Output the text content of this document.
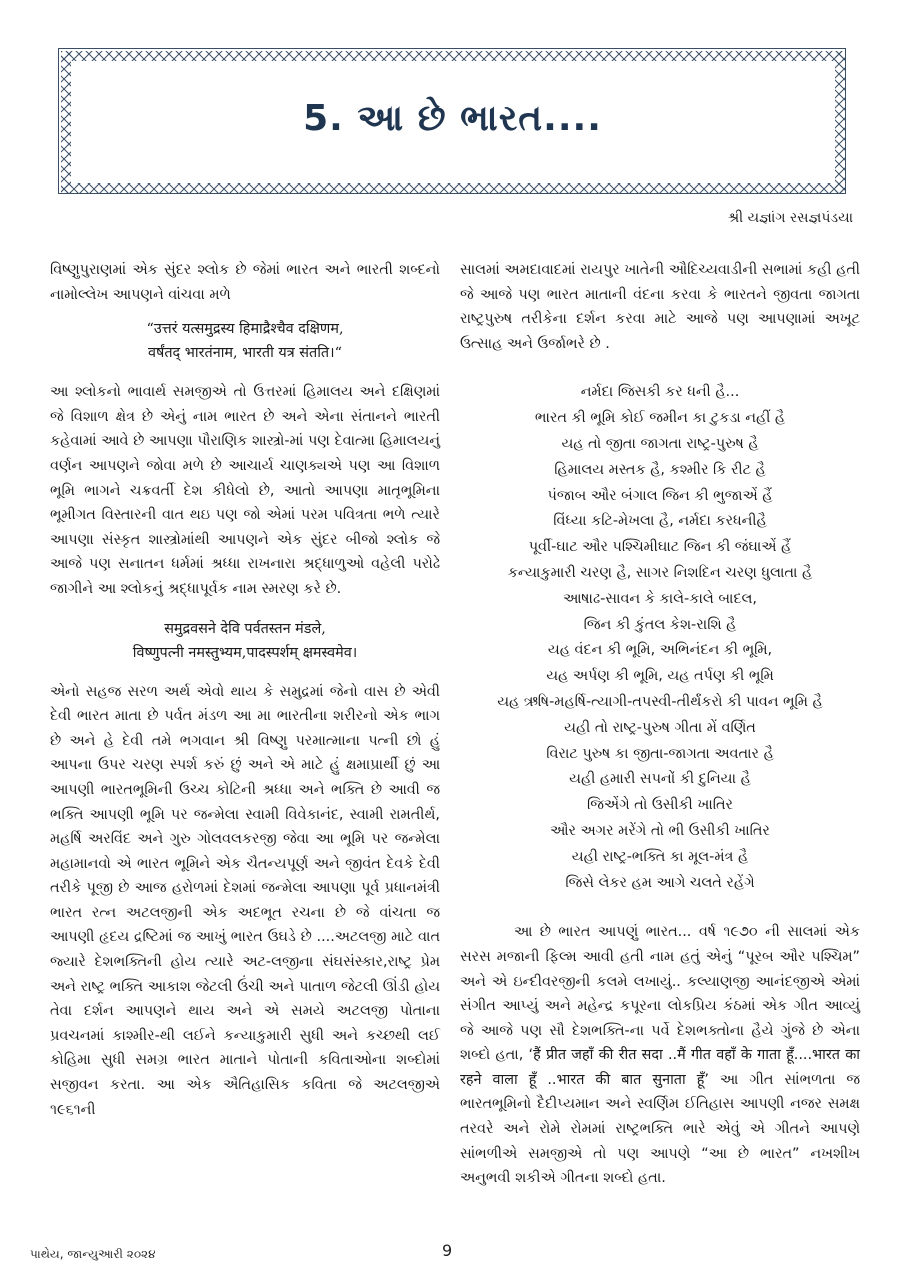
5. આ છે ભારત....
શ્રી યજ્ઞાંગ રસજ્ઞપંડયા

વિષ્ણુપુરાણમાં એક સુંદર શ્લોક છે જેમાં ભારત અને ભારતી શબ્દનો નામોલ્લેખ આપણને વાંચવા મળે

“उत्तरं यत्समुद्रस्य हिमाद्रैश्चैव दक्षिणम,
वर्षंतद् भारतंनाम, भारती यत्र संतति।“

આ શ્લોકનો ભાવાર્થ સમજીએ તો ઉત્તરમાં હિમાલય અને દક્ષિણમાં જે વિશાળ ક્ષેત્ર છે એનું નામ ભારત છે અને એના સંતાનને ભારતી કહેવામાં આવે છે આપણા પૌરાણિક શાસ્ત્રો-માં પણ દેવાત્મા હિમાલયનું વર્ણન આપણને જોવા મળે છે આચાર્ય ચાણક્યએ પણ આ વિશાળ ભૂમિ ભાગને ચક્રવર્તી દેશ કીધેલો છે, આતો આપણા માતૃભૂમિના ભૂમીગત વિસ્તારની વાત થઇ પણ જો એમાં પરમ પવિત્રતા ભળે ત્યારે આપણા સંસ્કૃત શાસ્ત્રોમાંથી આપણને એક સુંદર બીજો શ્લોક જે આજે પણ સનાતન ધર્મમાં શ્રધ્ધા રાખનારા શ્રદ્ધાળુઓ વહેલી પરોઢે જાગીને આ શ્લોકનું શ્રદ્ધાપૂર્વક નામ સ્મરણ કરે છે.

समुद्रवसने देवि पर्वतस्तन मंडले,
विष्णुपत्नी नमस्तुभ्यम,पादस्पर्शम् क्षमस्वमेव।

એનો સહજ સરળ અર્થ એવો થાય કે સમુદ્રમાં જેનો વાસ છે એવી દેવી ભારત માતા છે પર્વત મંડળ આ મા ભારતીના શરીરનો એક ભાગ છે અને હે દેવી તમે ભગવાન શ્રી વિષ્ણુ પરમાત્માના પત્ની છો હું આપના ઉપર ચરણ સ્પર્શ કરું છું અને એ માટે હું ક્ષમાપ્રાર્થી છું આ આપણી ભારતભૂમિની ઉચ્ચ કોટિની શ્રધ્ધા અને ભક્તિ છે આવી જ ભક્તિ આપણી ભૂમિ પર જન્મેલા સ્વામી વિવેકાનંદ, સ્વામી રામતીર્થ, મહર્ષિ અરવિંદ અને ગુરુ ગોલવલકરજી જેવા આ ભૂમિ પર જન્મેલા મહામાનવો એ ભારત ભૂમિને એક ચૈતન્યપૂર્ણ અને જીવંત દેવકે દેવી તરીકે પૂજી છે આજ હરોળમાં દેશમાં જન્મેલા આપણા પૂર્વ પ્રધાનમંત્રી ભારત રત્ન અટલજીની એક અદભૂત રચના છે જે વાંચતા જ આપણી હૃદય દ્રષ્ટિમાં જ આખું ભારત ઉઘડે છે ....અટલજી માટે વાત જ્યારે દેશભક્તિની હોય ત્યારે અટ-લજીના સંઘસંસ્કાર,રાષ્ટ્ર પ્રેમ અને રાષ્ટ્ર ભક્તિ આકાશ જેટલી ઉંચી અને પાતાળ જેટલી ઊંડી હોય તેવા દર્શન આપણને થાય અને એ સમયે અટલજી પોતાના પ્રવચનમાં કાશ્મીર-થી લઈને કન્યાકુમારી સુધી અને કચ્છથી લઈ કોહિમા સુધી સમગ્ર ભારત માતાને પોતાની કવિતાઓના શબ્દોમાં સજીવન કરતા. આ એક ઐતિહાસિક કવિતા જે અટલજીએ ૧૯૬૧ની

સાલમાં અમદાવાદમાં રાયપુર ખાતેની ઔદિચ્યવાડીની સભામાં કહી હતી જે આજે પણ ભારત માતાની વંદના કરવા કે ભારતને જીવતા જાગતા રાષ્ટ્રપુરુષ તરીકેના દર્શન કરવા માટે આજે પણ આપણામાં અખૂટ ઉત્સાહ અને ઉર્જાભરે છે .

નર્મદા જિસકી કર ધની હૈ...
ભારત કી ભૂમિ કોઈ જમીન કા ટુકડા નહીં હૈ
યહ તો જીતા જાગતા રાષ્ટ્ર-પુરુષ હૈ
હિમાલય મસ્તક હૈ, કશ્મીર કિ રીટ હૈ
પંજાબ ઔર બંગાલ જિન કી ભુજાએં હૈં
વિંધ્યા કટિ-મેખલા હૈ, નર્મદા કરધનીહૈ
પૂર્વી-ઘાટ ઔર પશ્ચિમીઘાટ જિન કી જંઘાએં હૈં
કન્યાકુમારી ચરણ હૈ, સાગર નિશદિન ચરણ ધુલાતા હૈ
આષાઢ-સાવન કે કાલે-કાલે બાદલ,
જિન કી કુંતલ કેશ-રાશિ હૈ
યહ વંદન કી ભૂમિ, અભિનંદન કી ભૂમિ,
યહ અર્પણ કી ભૂમિ, યહ તર્પણ કી ભૂમિ
યહ ઋષિ-મહર્ષિ-ત્યાગી-તપસ્વી-તીર્થંકરો કી પાવન ભૂમિ હૈ
યહી તો રાષ્ટ્ર-પુરુષ ગીતા મેં વર્ણિત
વિરાટ પુરુષ કા જીતા-જાગતા અવતાર હૈ
યહી હમારી સપનોં કી દુનિયા હૈ
જિએંગે તો ઉસીકી ખાતિર
ઔર અગર મરેંગે તો ભી ઉસીકી ખાતિર
યહી રાષ્ટ્ર-ભક્તિ કા મૂલ-મંત્ર હૈ
જિસે લેકર હમ આગે ચલતે રહેંગે

આ છે ભારત આપણું ભારત... વર્ષ ૧૯૭૦ ની સાલમાં એક સરસ મજાની ફિલ્મ આવી હતી નામ હતું એનું “પૂરબ ઔર પશ્ચિમ” અને એ ઇન્દીવરજીની કલમે લખાયું.. કલ્યાણજી આનંદજીએ એમાં સંગીત આપ્યું અને મહેન્દ્ર કપૂરના લોકપ્રિય કંઠમાં એક ગીત આવ્યું જે આજે પણ સૌ દેશભક્તિ-ના પર્વે દેશભક્તોના હૈયે ગુંજે છે એના શબ્દો હતા, ‘हैं प्रीत जहाँ की रीत सदा ..मैं गीत वहाँ के गाता हूँ....भारत का रहने वाला हूँ ..भारत की बात सुनाता हूँ’ આ ગીત સાંભળતા જ ભારતભૂમિનો દૈદીપ્યમાન અને સ્વર્ણિમ ઈતિહાસ આપણી નજર સમક્ષ તરવરે અને રોમે રોમમાં રાષ્ટ્રભક્તિ ભારે એવું એ ગીતને આપણે સાંભળીએ સમજીએ તો પણ આપણે “આ છે ભારત” નખશીખ અનુભવી શકીએ ગીતના શબ્દો હતા.

પાથેય, જાન્યુઆરી ૨૦૨૪	9
